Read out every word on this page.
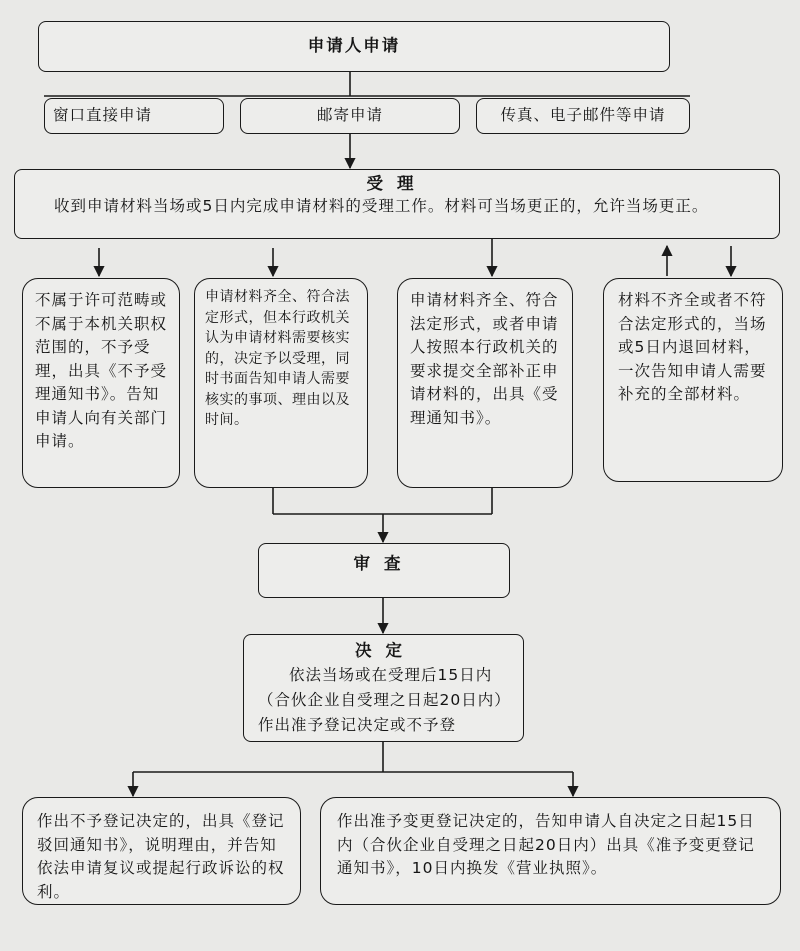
申请人申请
窗口直接申请	邮寄申请	传真、电子邮件等申请
受理
收到申请材料当场或5日内完成申请材料的受理工作。材料可当场更正的，允许当场更正。
不属于许可范畴或不属于本机关职权范围的，不予受理，出具《不予受理通知书》。告知申请人向有关部门申请。
申请材料齐全、符合法定形式，但本行政机关认为申请材料需要核实的，决定予以受理，同时书面告知申请人需要核实的事项、理由以及时间。
申请材料齐全、符合法定形式，或者申请人按照本行政机关的要求提交全部补正申请材料的，出具《受理通知书》。
材料不齐全或者不符合法定形式的，当场或5日内退回材料，一次告知申请人需要补充的全部材料。
审查
决定
依法当场或在受理后15日内（合伙企业自受理之日起20日内）作出准予登记决定或不予登
作出不予登记决定的，出具《登记驳回通知书》，说明理由，并告知依法申请复议或提起行政诉讼的权利。
作出准予变更登记决定的，告知申请人自决定之日起15日内（合伙企业自受理之日起20日内）出具《准予变更登记通知书》，10日内换发《营业执照》。
